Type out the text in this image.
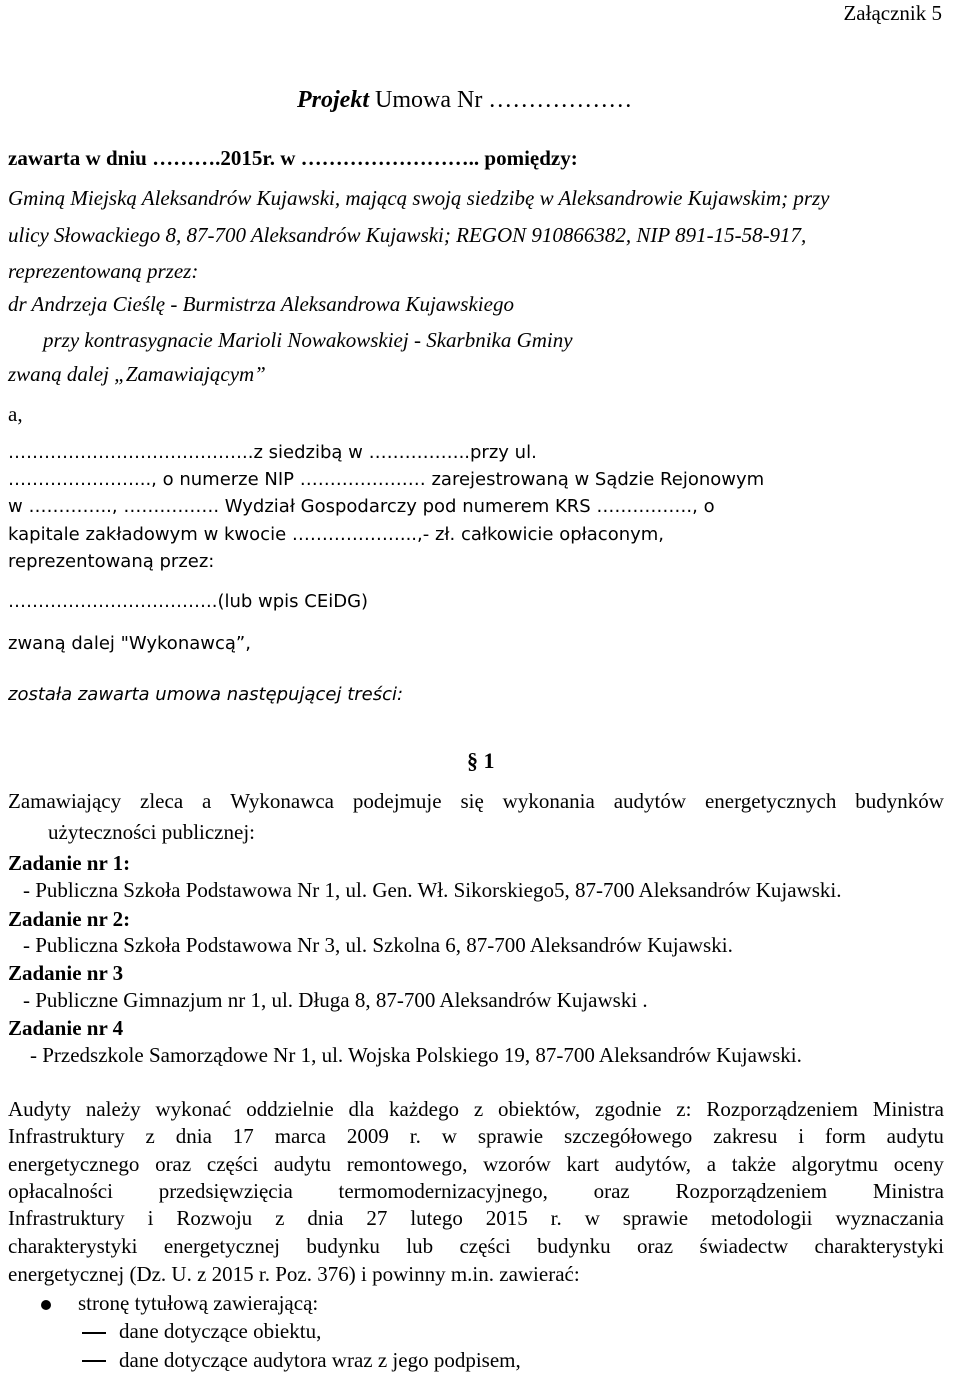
Załącznik 5
Projekt Umowa Nr ………………
zawarta w dniu ……….2015r. w …………………….. pomiędzy:
Gminą Miejską Aleksandrów Kujawski, mającą swoją siedzibę w Aleksandrowie Kujawskim; przy
ulicy Słowackiego 8, 87-700 Aleksandrów Kujawski; REGON 910866382, NIP 891-15-58-917,
reprezentowaną przez:
dr Andrzeja Cieślę - Burmistrza Aleksandrowa Kujawskiego
przy kontrasygnacie Marioli Nowakowskiej - Skarbnika Gminy
zwaną dalej „Zamawiającym”
a,
…………………………………..z siedzibą w ……………..przy ul.
…………………..., o numerze NIP ………………… zarejestrowaną w Sądzie Rejonowym
w ………….., ……………. Wydział Gospodarczy pod numerem KRS ……………., o
kapitale zakładowym w kwocie ………………...,- zł. całkowicie opłaconym,
reprezentowaną przez:
……………………………..(lub wpis CEiDG)
zwaną dalej "Wykonawcą”,
została zawarta umowa następującej treści:
§ 1
Zamawiający zleca a Wykonawca podejmuje się wykonania audytów energetycznych budynków
użyteczności publicznej:
Zadanie nr 1:
- Publiczna Szkoła Podstawowa Nr 1, ul. Gen. Wł. Sikorskiego5, 87-700 Aleksandrów Kujawski.
Zadanie nr 2:
- Publiczna Szkoła Podstawowa Nr 3, ul. Szkolna 6, 87-700 Aleksandrów Kujawski.
Zadanie nr 3
- Publiczne Gimnazjum nr 1, ul. Długa 8, 87-700 Aleksandrów Kujawski .
Zadanie nr 4
- Przedszkole Samorządowe Nr 1, ul. Wojska Polskiego 19, 87-700 Aleksandrów Kujawski.
Audyty należy wykonać oddzielnie dla każdego z obiektów, zgodnie z: Rozporządzeniem Ministra
Infrastruktury z dnia 17 marca 2009 r. w sprawie szczegółowego zakresu i form audytu
energetycznego oraz części audytu remontowego, wzorów kart audytów, a także algorytmu oceny
opłacalności przedsięwzięcia termomodernizacyjnego, oraz Rozporządzeniem Ministra
Infrastruktury i Rozwoju z dnia 27 lutego 2015 r. w sprawie metodologii wyznaczania
charakterystyki energetycznej budynku lub części budynku oraz świadectw charakterystyki
energetycznej (Dz. U. z 2015 r. Poz. 376) i powinny m.in. zawierać:
stronę tytułową zawierającą:
dane dotyczące obiektu,
dane dotyczące audytora wraz z jego podpisem,
